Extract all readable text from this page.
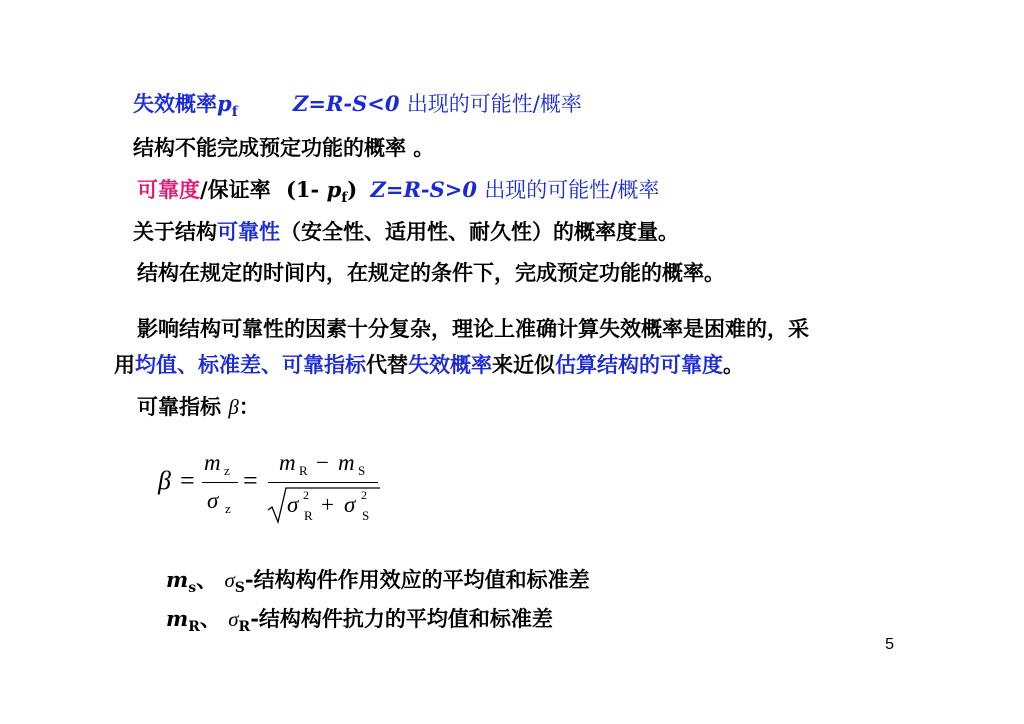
失效概率$p_f$	Z=R-S<0 出现的可能性/概率
结构不能完成预定功能的概率 。
可靠度/保证率 (1- $p_f$) Z=R-S>0 出现的可能性/概率
关于结构可靠性（安全性、适用性、耐久性）的概率度量。
结构在规定的时间内，在规定的条件下，完成预定功能的概率。
影响结构可靠性的因素十分复杂，理论上准确计算失效概率是困难的，采
用均值、标准差、可靠指标代替失效概率来近似估算结构的可靠度。
可靠指标 β：
β =
m z
σ z
=
m R − m S
σ 2
R + σ 2
S
$m_s$、 $\sigma_S-$结构构件作用效应的平均值和标准差
$m_R$、 $\sigma_R-$结构构件抗力的平均值和标准差
5
